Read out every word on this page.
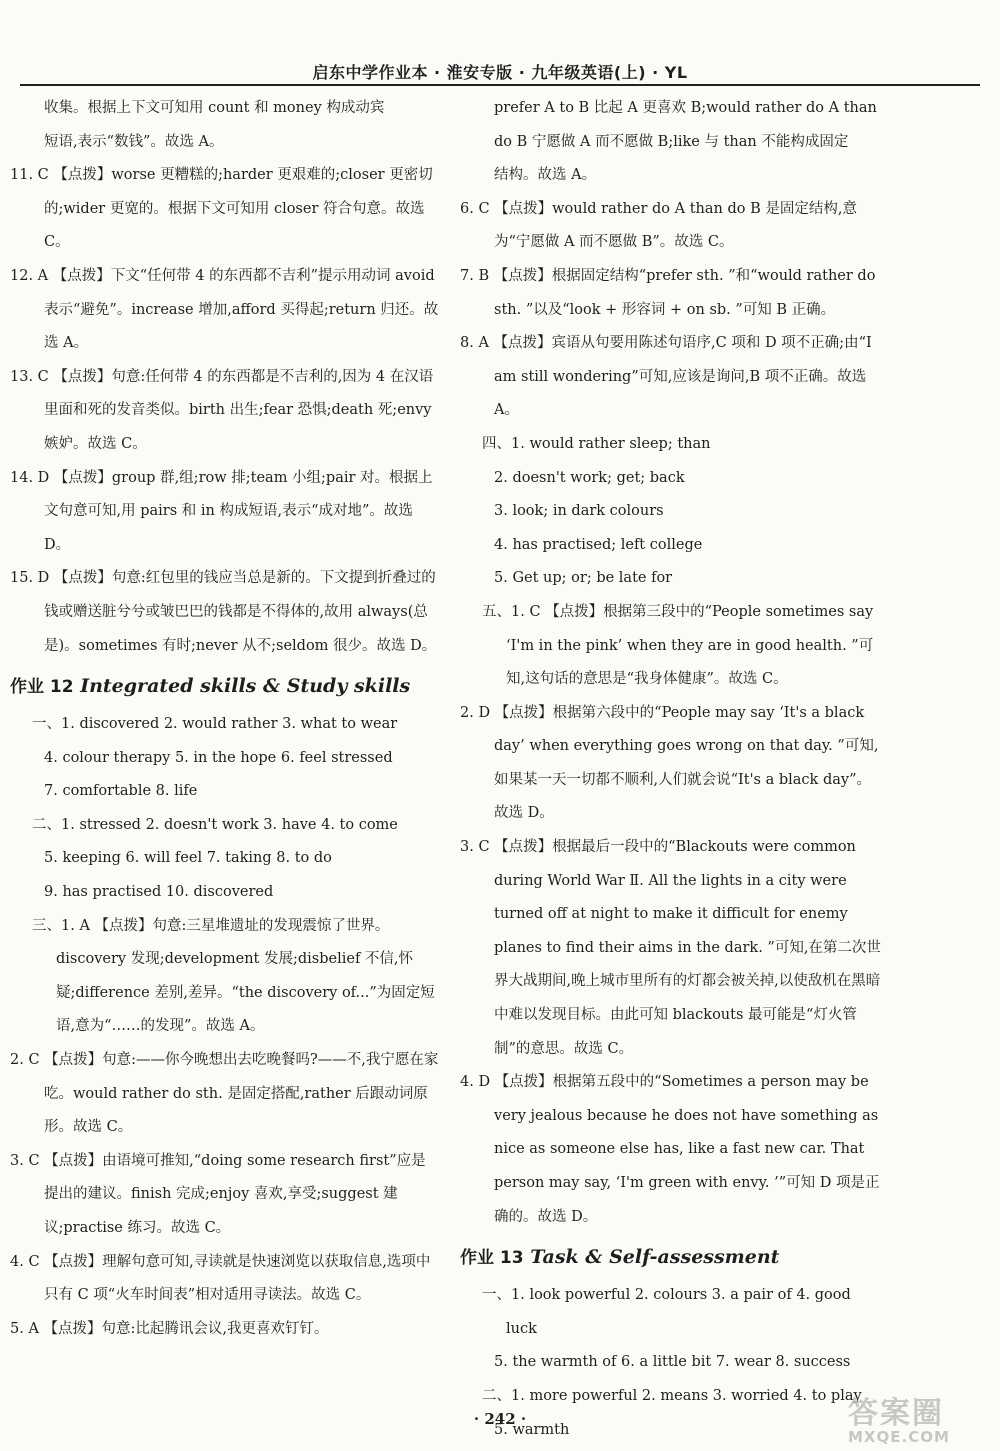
启东中学作业本 · 淮安专版 · 九年级英语(上) · YL

收集。根据上下文可知用 count 和 money 构成动宾

短语,表示“数钱”。故选 A。

11. C 【点拨】worse 更糟糕的;harder 更艰难的;closer 更密切的;wider 更宽的。根据下文可知用 closer 符合句意。故选 C。

12. A 【点拨】下文“任何带 4 的东西都不吉利”提示用动词 avoid 表示“避免”。increase 增加,afford 买得起;return 归还。故选 A。

13. C 【点拨】句意:任何带 4 的东西都是不吉利的,因为 4 在汉语里面和死的发音类似。birth 出生;fear 恐惧;death 死;envy 嫉妒。故选 C。

14. D 【点拨】group 群,组;row 排;team 小组;pair 对。根据上文句意可知,用 pairs 和 in 构成短语,表示“成对地”。故选 D。

15. D 【点拨】句意:红包里的钱应当总是新的。下文提到折叠过的钱或赠送脏兮兮或皱巴巴的钱都是不得体的,故用 always(总是)。sometimes 有时;never 从不;seldom 很少。故选 D。

作业 12 Integrated skills & Study skills

一、1. discovered 2. would rather 3. what to wear

4. colour therapy 5. in the hope 6. feel stressed

7. comfortable 8. life

二、1. stressed 2. doesn't work 3. have 4. to come

5. keeping 6. will feel 7. taking 8. to do

9. has practised 10. discovered

三、1. A 【点拨】句意:三星堆遗址的发现震惊了世界。discovery 发现;development 发展;disbelief 不信,怀疑;difference 差别,差异。“the discovery of...”为固定短语,意为“……的发现”。故选 A。

2. C 【点拨】句意:——你今晚想出去吃晚餐吗?——不,我宁愿在家吃。would rather do sth. 是固定搭配,rather 后跟动词原形。故选 C。

3. C 【点拨】由语境可推知,“doing some research first”应是提出的建议。finish 完成;enjoy 喜欢,享受;suggest 建议;practise 练习。故选 C。

4. C 【点拨】理解句意可知,寻读就是快速浏览以获取信息,选项中只有 C 项“火车时间表”相对适用寻读法。故选 C。

5. A 【点拨】句意:比起腾讯会议,我更喜欢钉钉。

prefer A to B 比起 A 更喜欢 B;would rather do A than

do B 宁愿做 A 而不愿做 B;like 与 than 不能构成固定

结构。故选 A。

6. C 【点拨】would rather do A than do B 是固定结构,意为“宁愿做 A 而不愿做 B”。故选 C。

7. B 【点拨】根据固定结构“prefer sth. ”和“would rather do sth. ”以及“look + 形容词 + on sb. ”可知 B 正确。

8. A 【点拨】宾语从句要用陈述句语序,C 项和 D 项不正确;由“I am still wondering”可知,应该是询问,B 项不正确。故选 A。

四、1. would rather sleep; than

2. doesn't work; get; back

3. look; in dark colours

4. has practised; left college

5. Get up; or; be late for

五、1. C 【点拨】根据第三段中的“People sometimes say ‘I'm in the pink’ when they are in good health. ”可知,这句话的意思是“我身体健康”。故选 C。

2. D 【点拨】根据第六段中的“People may say ‘It's a black day’ when everything goes wrong on that day. ”可知,如果某一天一切都不顺利,人们就会说“It's a black day”。故选 D。

3. C 【点拨】根据最后一段中的“Blackouts were common during World War Ⅱ. All the lights in a city were turned off at night to make it difficult for enemy planes to find their aims in the dark. ”可知,在第二次世界大战期间,晚上城市里所有的灯都会被关掉,以使敌机在黑暗中难以发现目标。由此可知 blackouts 最可能是“灯火管制”的意思。故选 C。

4. D 【点拨】根据第五段中的“Sometimes a person may be very jealous because he does not have something as nice as someone else has, like a fast new car. That person may say, ‘I'm green with envy. ’”可知 D 项是正确的。故选 D。

作业 13 Task & Self-assessment

一、1. look powerful 2. colours 3. a pair of 4. good luck

5. the warmth of 6. a little bit 7. wear 8. success

二、1. more powerful 2. means 3. worried 4. to play

5. warmth

· 242 ·	答案圈
MXQE.COM
